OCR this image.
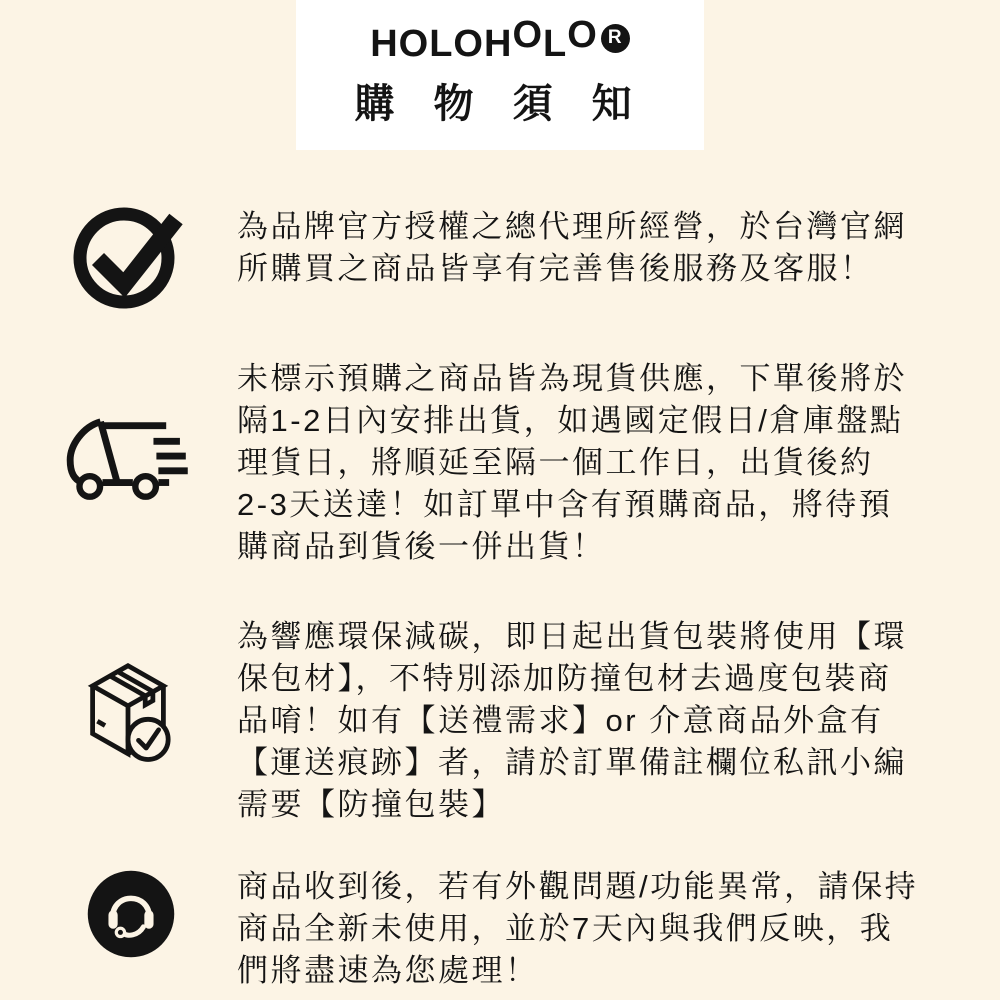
HOLOHOLO R
購 物 須 知
為品牌官方授權之總代理所經營，於台灣官網
所購買之商品皆享有完善售後服務及客服！
未標示預購之商品皆為現貨供應，下單後將於
隔1-2日內安排出貨，如遇國定假日/倉庫盤點
理貨日，將順延至隔一個工作日，出貨後約
2-3天送達！如訂單中含有預購商品，將待預
購商品到貨後一併出貨！
為響應環保減碳，即日起出貨包裝將使用【環
保包材】，不特別添加防撞包材去過度包裝商
品唷！如有【送禮需求】or 介意商品外盒有
【運送痕跡】者，請於訂單備註欄位私訊小編
需要【防撞包裝】
商品收到後，若有外觀問題/功能異常，請保持
商品全新未使用，並於7天內與我們反映，我
們將盡速為您處理！
